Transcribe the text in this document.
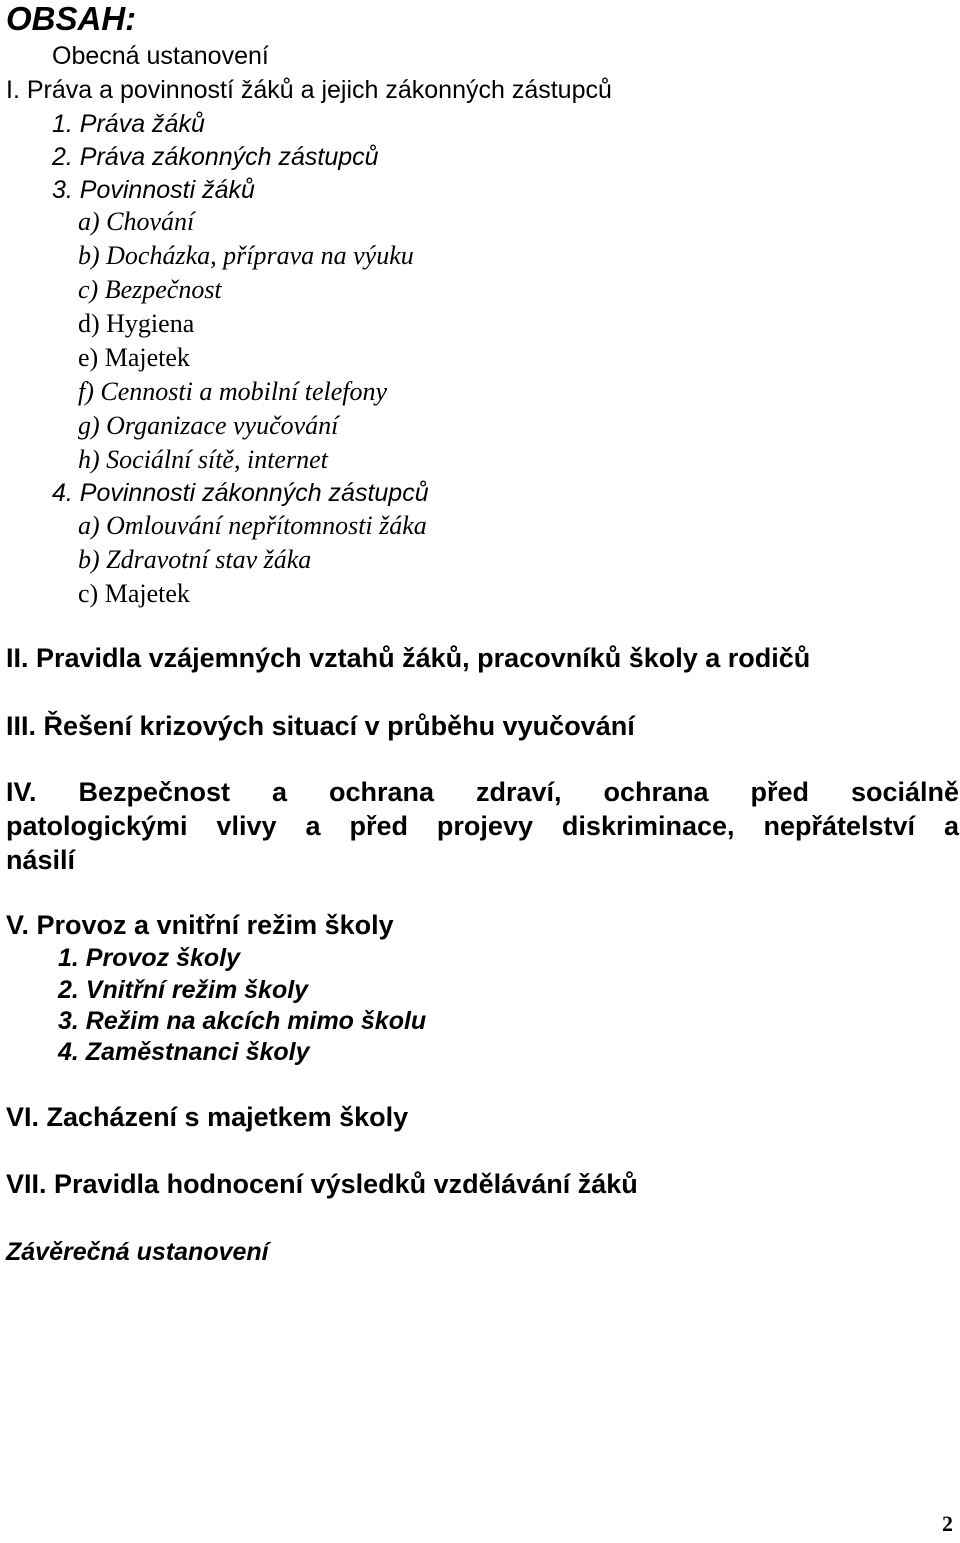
OBSAH:
Obecná ustanovení
I. Práva a povinností žáků a jejich zákonných zástupců
1. Práva žáků
2. Práva zákonných zástupců
3. Povinnosti žáků
a) Chování
b) Docházka, příprava na výuku
c) Bezpečnost
d) Hygiena
e) Majetek
f) Cennosti a mobilní telefony
g) Organizace vyučování
h) Sociální sítě, internet
4. Povinnosti zákonných zástupců
a) Omlouvání nepřítomnosti žáka
b) Zdravotní stav žáka
c) Majetek
II. Pravidla vzájemných vztahů žáků, pracovníků školy a rodičů
III. Řešení krizových situací v průběhu vyučování
IV. Bezpečnost a ochrana zdraví, ochrana před sociálně
patologickými vlivy a před projevy diskriminace, nepřátelství a
násilí
V. Provoz a vnitřní režim školy
1. Provoz školy
2. Vnitřní režim školy
3. Režim na akcích mimo školu
4. Zaměstnanci školy
VI. Zacházení s majetkem školy
VII. Pravidla hodnocení výsledků vzdělávání žáků
Závěrečná ustanovení
2
